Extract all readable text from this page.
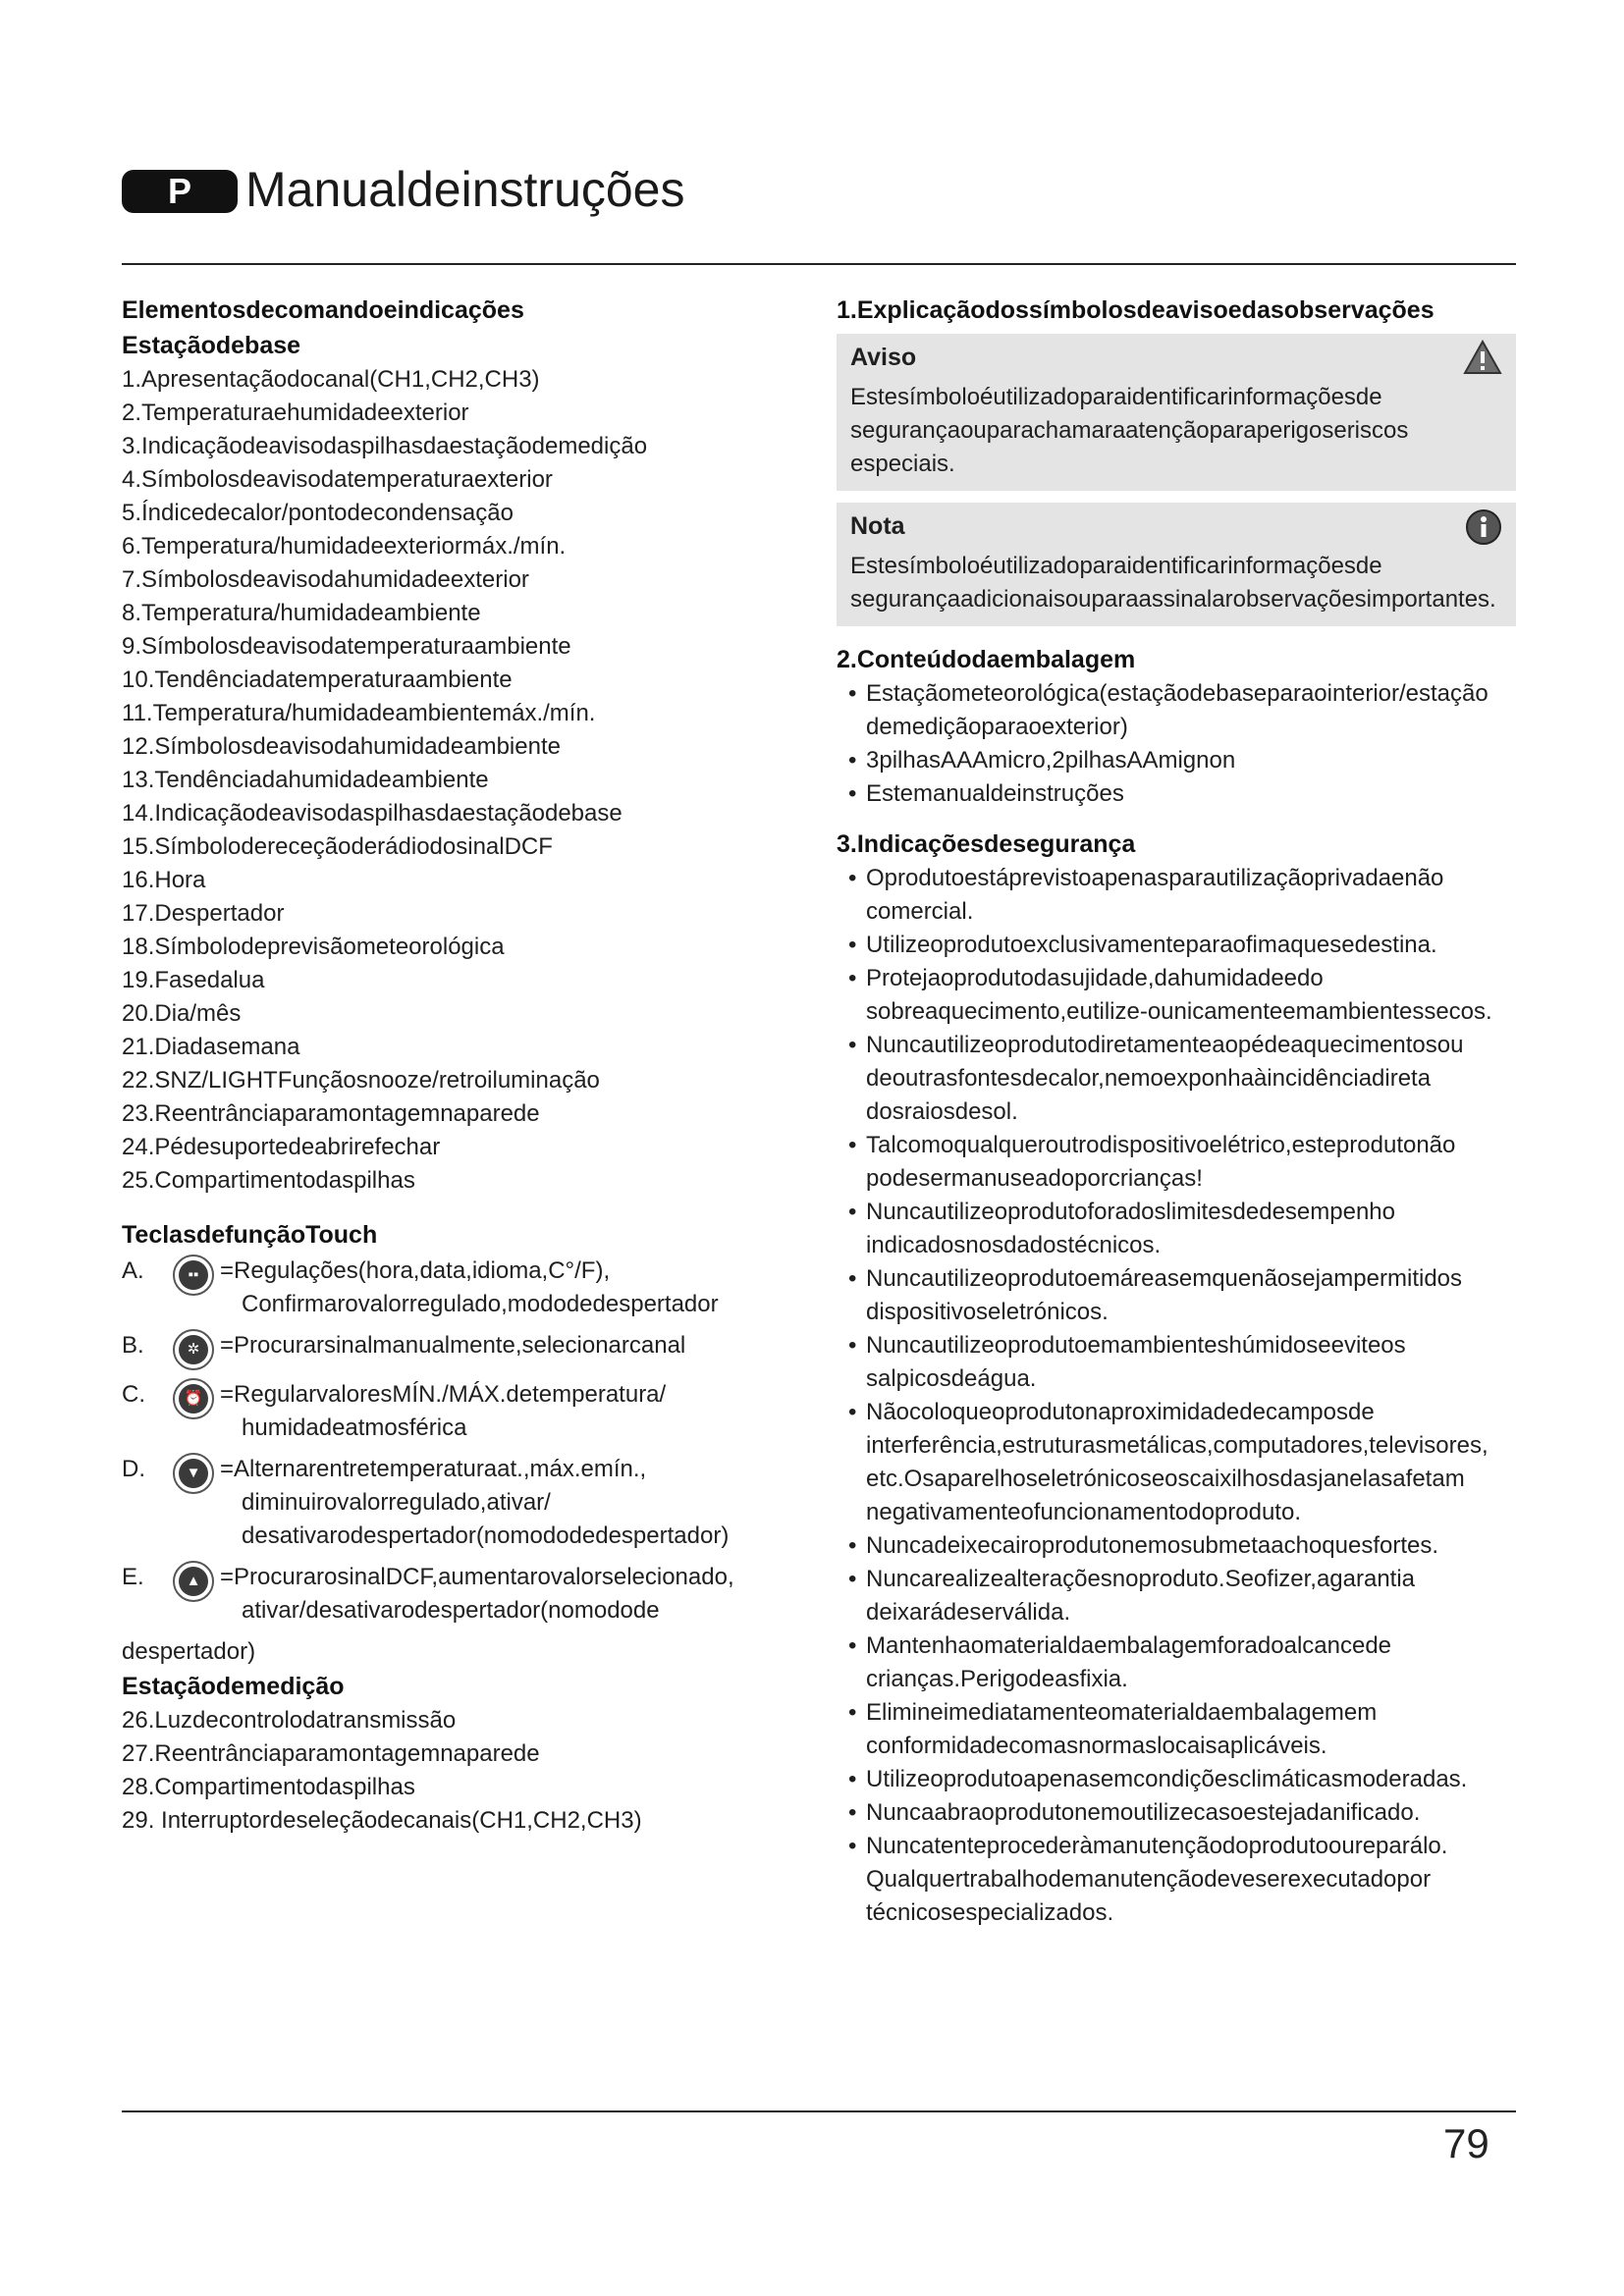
P	Manualdeinstruções
Elementosdecomandoeindicações
Estaçãodebase
1.Apresentaçãodocanal(CH1,CH2,CH3)
2.Temperaturaehumidadeexterior
3.Indicaçãodeavisodaspilhasdaestaçãodemedição
4.Símbolosdeavisodatemperaturaexterior
5.Índicedecalor/pontodecondensação
6.Temperatura/humidadeexteriormáx./mín.
7.Símbolosdeavisodahumidadeexterior
8.Temperatura/humidadeambiente
9.Símbolosdeavisodatemperaturaambiente
10.Tendênciadatemperaturaambiente
11.Temperatura/humidadeambientemáx./mín.
12.Símbolosdeavisodahumidadeambiente
13.Tendênciadahumidadeambiente
14.Indicaçãodeavisodaspilhasdaestaçãodebase
15.SímbolodereceçãoderádiodosinalDCF
16.Hora
17.Despertador
18.Símbolodeprevisãometeorológica
19.Fasedalua
20.Dia/mês
21.Diadasemana
22.SNZ/LIGHTFunçãosnooze/retroiluminação
23.Reentrânciaparamontagemnaparede
24.Pédesuportedeabrirefechar
25.Compartimentodaspilhas
TeclasdefunçãoTouch
A.	▪▪ =Regulações(hora,data,idioma,C°/F),
Confirmarovalorregulado,mododedespertador
B.	✲ =Procurarsinalmanualmente,selecionarcanal
C.	⏰ =RegularvaloresMÍN./MÁX.detemperatura/
humidadeatmosférica
D.	▼ =Alternarentretemperaturaat.,máx.emín.,
diminuirovalorregulado,ativar/
desativarodespertador(nomododedespertador)
E.	▲ =ProcurarosinalDCF,aumentarovalorselecionado,
ativar/desativarodespertador(nomodode
despertador)
Estaçãodemedição
26.Luzdecontrolodatransmissão
27.Reentrânciaparamontagemnaparede
28.Compartimentodaspilhas
29. Interruptordeseleçãodecanais(CH1,CH2,CH3)
1.Explicaçãodossímbolosdeavisoedasobservações
Aviso

Estesímboloéutilizadoparaidentificarinformaçõesde segurançaouparachamaraatençãoparaperigoseriscos especiais.

Nota

Estesímboloéutilizadoparaidentificarinformaçõesde segurançaadicionaisouparaassinalarobservaçõesimportantes.

2.Conteúdodaembalagem
• Estaçãometeorológica(estaçãodebaseparaointerior/estação demediçãoparaoexterior)
• 3pilhasAAAmicro,2pilhasAAmignon
• Estemanualdeinstruções
3.Indicaçõesdesegurança
• Oprodutoestáprevistoapenasparautilizaçãoprivadaenão comercial.
• Utilizeoprodutoexclusivamenteparaofimaquesedestina.
• Protejaoprodutodasujidade,dahumidadeedo sobreaquecimento,eutilize-ounicamenteemambientessecos.
• Nuncautilizeoprodutodiretamenteaopédeaquecimentosou deoutrasfontesdecalor,nemoexponhaàincidênciadireta dosraiosdesol.
• Talcomoqualqueroutrodispositivoelétrico,esteprodutonão podesermanuseadoporcrianças!
• Nuncautilizeoprodutoforadoslimitesdedesempenho indicadosnosdadostécnicos.
• Nuncautilizeoprodutoemáreasemquenãosejampermitidos dispositivoseletrónicos.
• Nuncautilizeoprodutoemambienteshúmidoseeviteos salpicosdeágua.
• Nãocoloqueoprodutonaproximidadedecamposde interferência,estruturasmetálicas,computadores,televisores, etc.Osaparelhoseletrónicoseoscaixilhosdasjanelasafetam negativamenteofuncionamentodoproduto.
• Nuncadeixecairoprodutonemosubmetaachoquesfortes.
• Nuncarealizealteraçõesnoproduto.Seofizer,agarantia deixarádeserválida.
• Mantenhaomaterialdaembalagemforadoalcancede crianças.Perigodeasfixia.
• Elimineimediatamenteomaterialdaembalagemem conformidadecomasnormaslocaisaplicáveis.
• Utilizeoprodutoapenasemcondiçõesclimáticasmoderadas.
• Nuncaabraoprodutonemoutilizecasoestejadanificado.
• Nuncatenteprocederàmanutençãodoprodutooureparálo.
Qualquertrabalhodemanutençãodeveserexecutadopor técnicosespecializados.
79
